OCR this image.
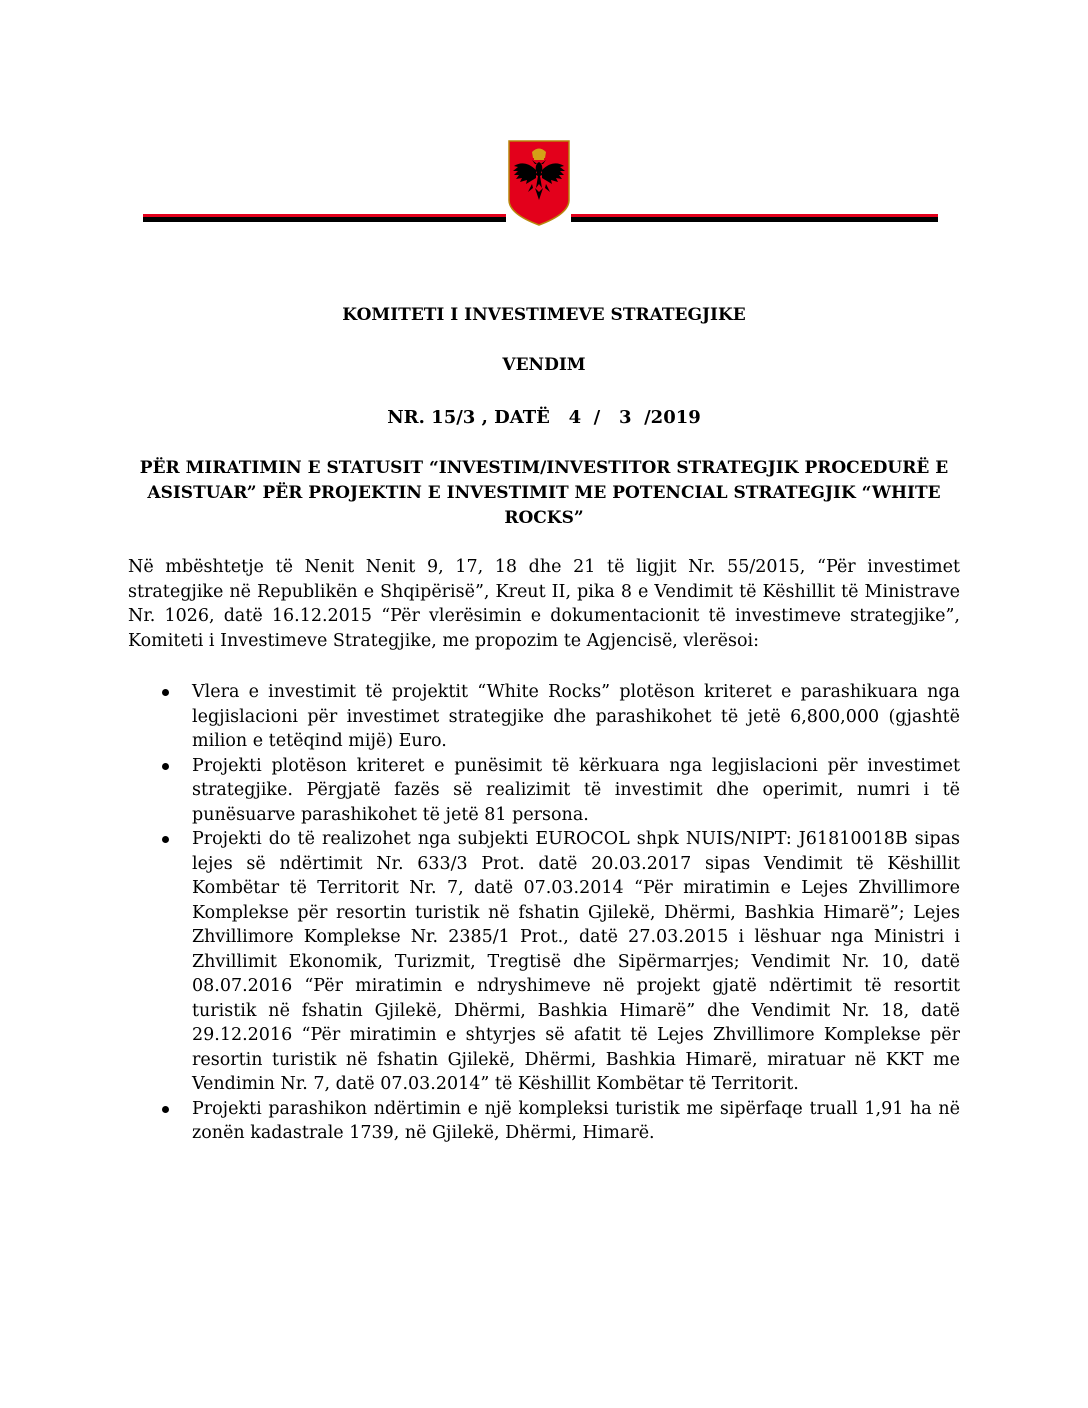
KOMITETI I INVESTIMEVE STRATEGJIKE
VENDIM
NR. 15/3 , DATË   4  /   3  /2019
PËR MIRATIMIN E STATUSIT “INVESTIM/INVESTITOR STRATEGJIK PROCEDURË E ASISTUAR” PËR PROJEKTIN E INVESTIMIT ME POTENCIAL STRATEGJIK “WHITE ROCKS”
Në mbështetje të Nenit Nenit 9, 17, 18 dhe 21 të ligjit Nr. 55/2015, “Për investimet strategjike në Republikën e Shqipërisë”, Kreut II, pika 8 e Vendimit të Këshillit të Ministrave Nr. 1026, datë 16.12.2015 “Për vlerësimin e dokumentacionit të investimeve strategjike”, Komiteti i Investimeve Strategjike, me propozim te Agjencisë, vlerësoi:
Vlera e investimit të projektit “White Rocks” plotëson kriteret e parashikuara nga legjislacioni për investimet strategjike dhe parashikohet të jetë 6,800,000 (gjashtë milion e tetëqind mijë) Euro.
Projekti plotëson kriteret e punësimit të kërkuara nga legjislacioni për investimet strategjike. Përgjatë fazës së realizimit të investimit dhe operimit, numri i të punësuarve parashikohet të jetë 81 persona.
Projekti do të realizohet nga subjekti EUROCOL shpk NUIS/NIPT: J61810018B sipas lejes së ndërtimit Nr. 633/3 Prot. datë 20.03.2017 sipas Vendimit të Këshillit Kombëtar të Territorit Nr. 7, datë 07.03.2014 “Për miratimin e Lejes Zhvillimore Komplekse për resortin turistik në fshatin Gjilekë, Dhërmi, Bashkia Himarë”; Lejes Zhvillimore Komplekse Nr. 2385/1 Prot., datë 27.03.2015 i lëshuar nga Ministri i Zhvillimit Ekonomik, Turizmit, Tregtisë dhe Sipërmarrjes; Vendimit Nr. 10, datë 08.07.2016 “Për miratimin e ndryshimeve në projekt gjatë ndërtimit të resortit turistik në fshatin Gjilekë, Dhërmi, Bashkia Himarë” dhe Vendimit Nr. 18, datë 29.12.2016 “Për miratimin e shtyrjes së afatit të Lejes Zhvillimore Komplekse për resortin turistik në fshatin Gjilekë, Dhërmi, Bashkia Himarë, miratuar në KKT me Vendimin Nr. 7, datë 07.03.2014” të Këshillit Kombëtar të Territorit.
Projekti parashikon ndërtimin e një kompleksi turistik me sipërfaqe truall 1,91 ha në zonën kadastrale 1739, në Gjilekë, Dhërmi, Himarë.
